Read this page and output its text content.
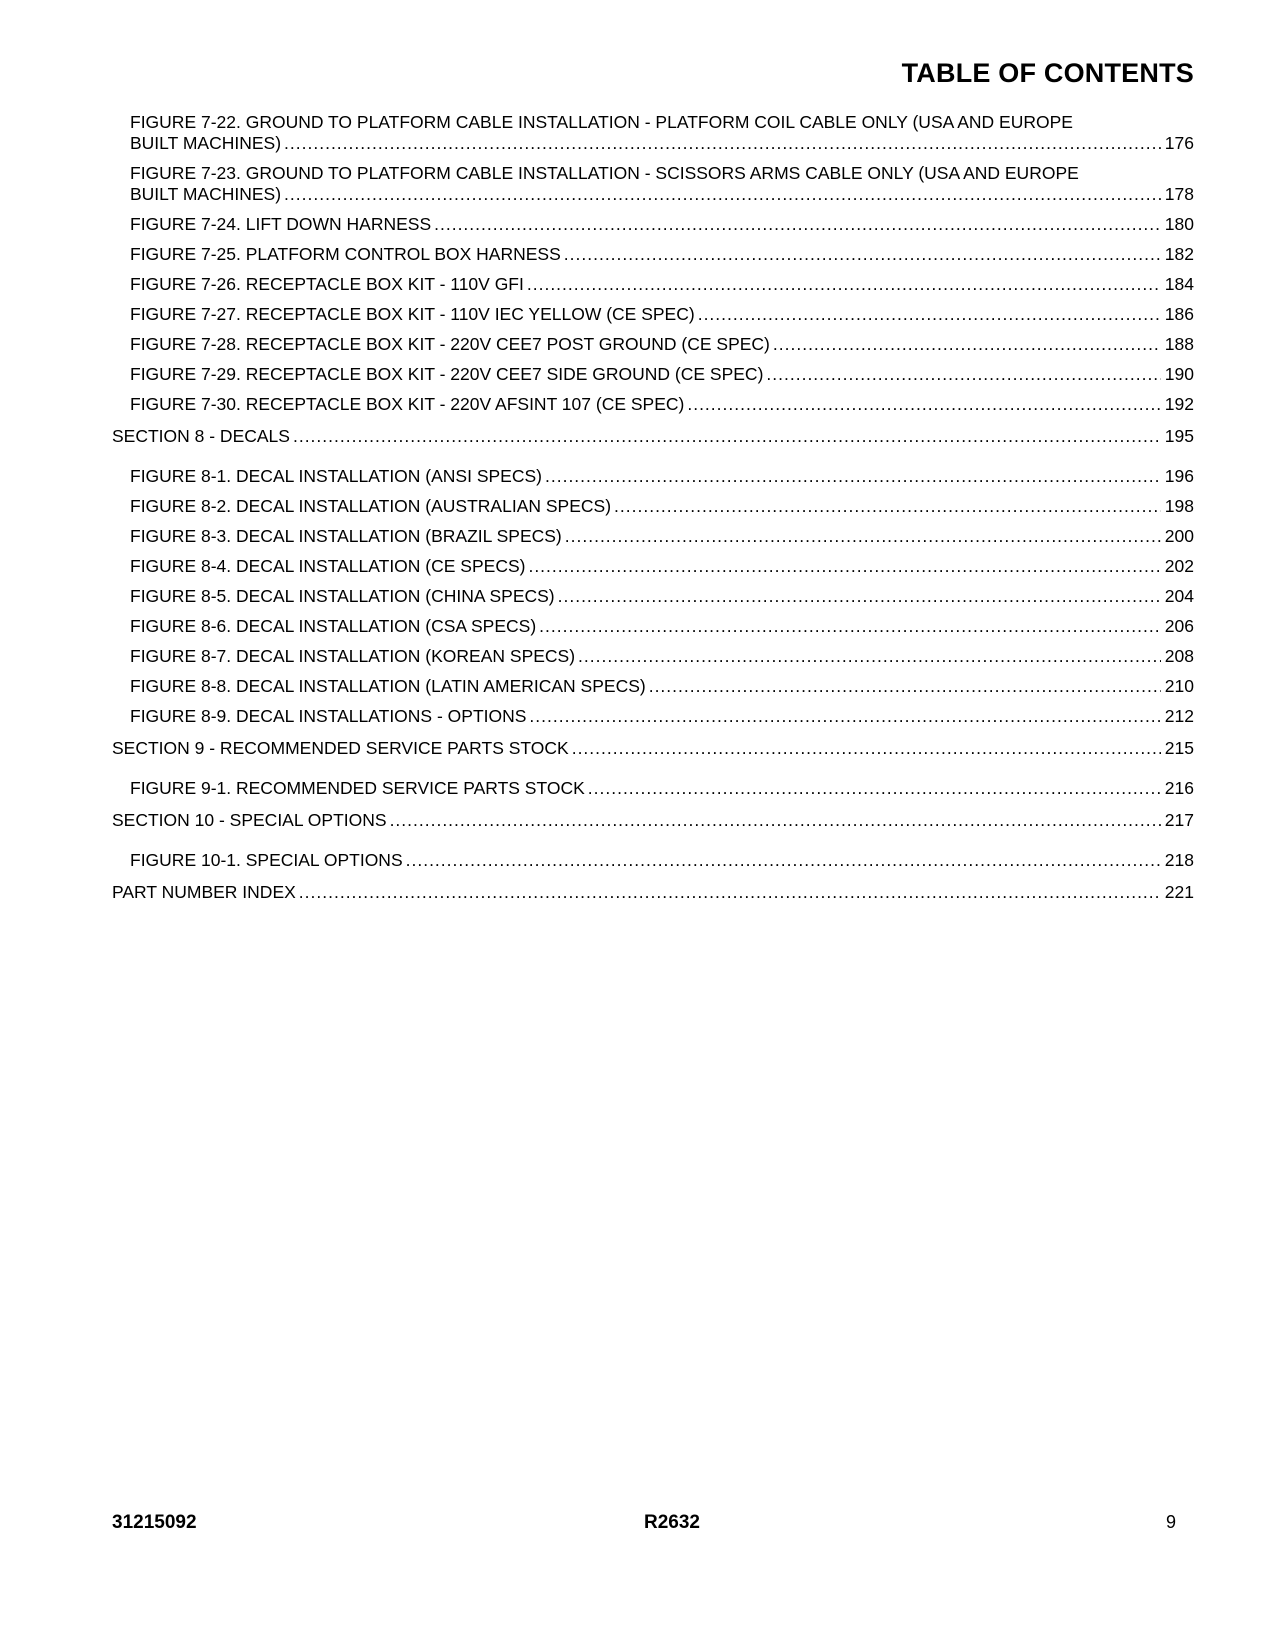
TABLE OF CONTENTS
FIGURE 7-22. GROUND TO PLATFORM CABLE INSTALLATION - PLATFORM COIL CABLE ONLY (USA AND EUROPE
BUILT MACHINES) .....	176
FIGURE 7-23. GROUND TO PLATFORM CABLE INSTALLATION - SCISSORS ARMS CABLE ONLY (USA AND EUROPE
BUILT MACHINES) .....	178
FIGURE 7-24. LIFT DOWN HARNESS .....	180
FIGURE 7-25. PLATFORM CONTROL BOX HARNESS .....	182
FIGURE 7-26. RECEPTACLE BOX KIT - 110V GFI .....	184
FIGURE 7-27. RECEPTACLE BOX KIT - 110V IEC YELLOW (CE SPEC) .....	186
FIGURE 7-28. RECEPTACLE BOX KIT - 220V CEE7 POST GROUND (CE SPEC) .....	188
FIGURE 7-29. RECEPTACLE BOX KIT - 220V CEE7 SIDE GROUND (CE SPEC) .....	190
FIGURE 7-30. RECEPTACLE BOX KIT - 220V AFSINT 107 (CE SPEC) .....	192
SECTION 8 - DECALS .....	195
FIGURE 8-1. DECAL INSTALLATION (ANSI SPECS) .....	196
FIGURE 8-2. DECAL INSTALLATION (AUSTRALIAN SPECS) .....	198
FIGURE 8-3. DECAL INSTALLATION (BRAZIL SPECS) .....	200
FIGURE 8-4. DECAL INSTALLATION (CE SPECS) .....	202
FIGURE 8-5. DECAL INSTALLATION (CHINA SPECS) .....	204
FIGURE 8-6. DECAL INSTALLATION (CSA SPECS) .....	206
FIGURE 8-7. DECAL INSTALLATION (KOREAN SPECS) .....	208
FIGURE 8-8. DECAL INSTALLATION (LATIN AMERICAN SPECS) .....	210
FIGURE 8-9. DECAL INSTALLATIONS - OPTIONS .....	212
SECTION 9 - RECOMMENDED SERVICE PARTS STOCK .....	215
FIGURE 9-1. RECOMMENDED SERVICE PARTS STOCK .....	216
SECTION 10 - SPECIAL OPTIONS .....	217
FIGURE 10-1. SPECIAL OPTIONS .....	218
PART NUMBER INDEX .....	221
31215092	R2632	9
